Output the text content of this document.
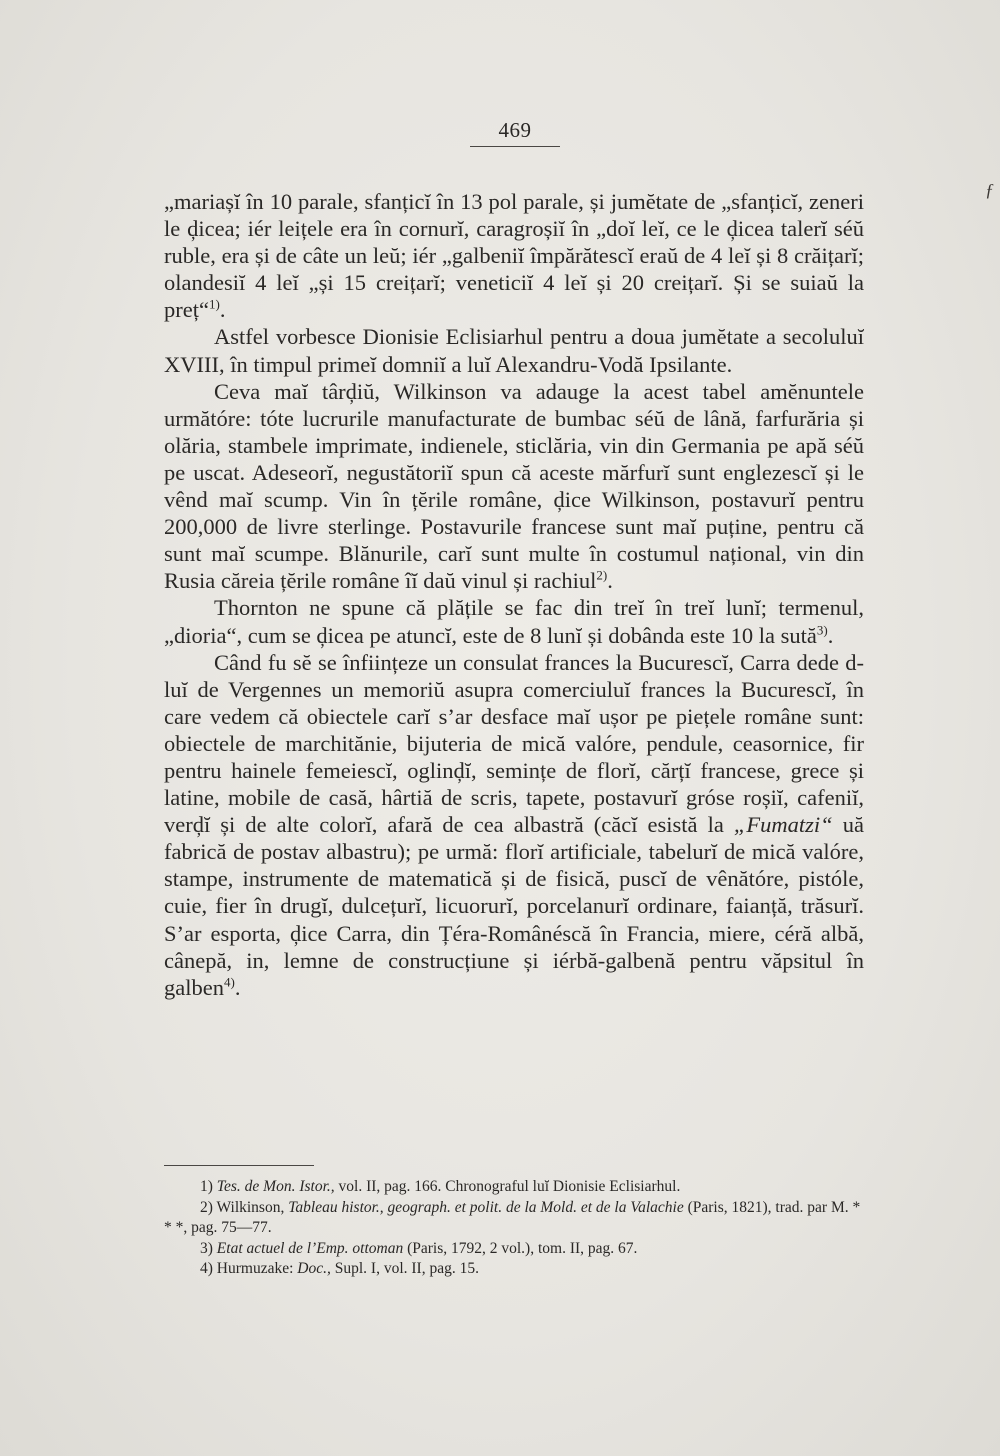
469
ƒ

„mariașĭ în 10 parale, sfanțicĭ în 13 pol parale, și jumĕtate de „sfanțicĭ, zeneri le ḑicea; iér leițele era în cornurĭ, caragroșiĭ în „doĭ leĭ, ce le ḑicea talerĭ séŭ ruble, era și de câte un leŭ; iér „galbeniĭ împărătescĭ eraŭ de 4 leĭ și 8 crăițarĭ; olandesiĭ 4 leĭ „și 15 creițarĭ; veneticiĭ 4 leĭ și 20 creițarĭ. Și se suiaŭ la preț“$^{1)}$.

Astfel vorbesce Dionisie Eclisiarhul pentru a doua jumĕtate a secoluluĭ XVIII, în timpul primeĭ domniĭ a luĭ Alexandru-Vodă Ipsilante.

Ceva maĭ târḑiŭ, Wilkinson va adauge la acest tabel amĕnuntele următóre: tóte lucrurile manufacturate de bumbac séŭ de lână, farfurăria și olăria, stambele imprimate, indienele, sticlăria, vin din Germania pe apă séŭ pe uscat. Adeseorĭ, negustătoriĭ spun că aceste mărfurĭ sunt englezescĭ și le vênd maĭ scump. Vin în țĕrile române, ḑice Wilkinson, postavurĭ pentru 200,000 de livre sterlinge. Postavurile francese sunt maĭ puține, pentru că sunt maĭ scumpe. Blănurile, carĭ sunt multe în costumul național, vin din Rusia căreia țĕrile române îĭ daŭ vinul și rachiul$^{2)}$.

Thornton ne spune că plățile se fac din treĭ în treĭ lunĭ; termenul, „dioria“, cum se ḑicea pe atuncĭ, este de 8 lunĭ și dobânda este 10 la sută$^{3)}$.

Când fu sĕ se înființeze un consulat frances la Bucurescĭ, Carra dede d-luĭ de Vergennes un memoriŭ asupra comerciuluĭ frances la Bucurescĭ, în care vedem că obiectele carĭ s’ar desface maĭ ușor pe piețele române sunt: obiectele de marchitănie, bijuteria de mică valóre, pendule, ceasornice, fir pentru hainele femeiescĭ, oglinḑĭ, semințe de florĭ, cărțĭ francese, grece și latine, mobile de casă, hârtiă de scris, tapete, postavurĭ gróse roșiĭ, cafeniĭ, verḑĭ și de alte colorĭ, afară de cea albastră (căcĭ esistă la „Fumatzi“ uă fabrică de postav albastru); pe urmă: florĭ artificiale, tabelurĭ de mică valóre, stampe, instrumente de matematică și de fisică, puscĭ de vênătóre, pistóle, cuie, fier în drugĭ, dulcețurĭ, licuorurĭ, porcelanurĭ ordinare, faianță, trăsurĭ. S’ar esporta, ḑice Carra, din Țéra-Românéscă în Francia, miere, céră albă, cânepă, in, lemne de construcțiune și iérbă-galbenă pentru văpsitul în galben$^{4)}$.

1) Tes. de Mon. Istor., vol. II, pag. 166. Chronograful luĭ Dionisie Eclisiarhul.

2) Wilkinson, Tableau histor., geograph. et polit. de la Mold. et de la Valachie (Paris, 1821), trad. par M. * * *, pag. 75—77.

3) Etat actuel de l’Emp. ottoman (Paris, 1792, 2 vol.), tom. II, pag. 67.

4) Hurmuzake: Doc., Supl. I, vol. II, pag. 15.
